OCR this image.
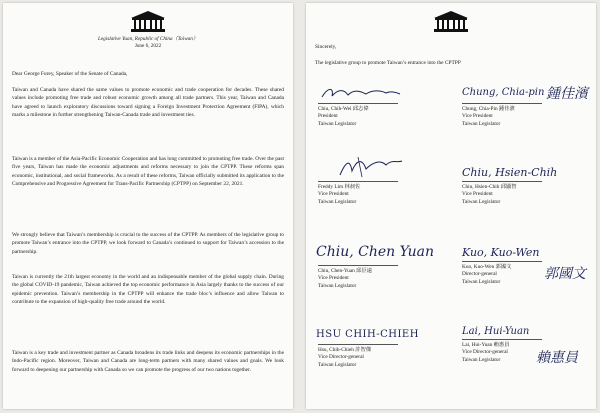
Legislative Yuan, Republic of China（Taiwan）
June 6, 2022

Dear George Furey, Speaker of the Senate of Canada,

Taiwan and Canada have shared the same values to promote economic and trade cooperation for decades. These shared values include promoting free trade and robust economic growth among all trade partners. This year, Taiwan and Canada have agreed to launch exploratory discussions toward signing a Foreign Investment Protection Agreement (FIPA), which marks a milestone in further strengthening Taiwan-Canada trade and investment ties.

Taiwan is a member of the Asia-Pacific Economic Cooperation and has long committed to promoting free trade. Over the past five years, Taiwan has made the economic adjustments and reforms necessary to join the CPTPP. These reforms span economic, institutional, and social frameworks. As a result of these reforms, Taiwan officially submitted its application to the Comprehensive and Progressive Agreement for Trans-Pacific Partnership (CPTPP) on September 22, 2021.

We strongly believe that Taiwan’s membership is crucial to the success of the CPTPP. As members of the legislative group to promote Taiwan’s entrance into the CPTPP, we look forward to Canada’s continued to support for Taiwan’s accession to the partnership.

Taiwan is currently the 21th largest economy in the world and an indispensable member of the global supply chain. During the global COVID-19 pandemic, Taiwan achieved the top economic performance in Asia largely thanks to the success of our epidemic prevention. Taiwan’s membership in the CPTPP will enhance the trade bloc’s influence and allow Taiwan to contribute to the expansion of high-quality free trade around the world.

Taiwan is a key trade and investment partner as Canada broadens its trade links and deepens its economic partnerships in the Indo-Pacific region. Moreover, Taiwan and Canada are long-term partners with many shared values and goals. We look forward to deepening our partnership with Canada so we can promote the progress of our two nations together.

Sincerely,
The legislative group to promote Taiwan’s entrance into the CPTPP
Chiu, Chih-Wei 邱志偉
President
Taiwan Legislator
Chung, Chia-pin 鍾佳濱
Chung, Chia-Pin 鍾佳濱
Vice President
Taiwan Legislator
Freddy Lim 林昶佐
Vice President
Taiwan Legislator
Chiu, Hsien-Chih
Chiu, Hsien-Chih 邱顯智
Vice President
Taiwan Legislator
Chiu, Chen Yuan
Chiu, Chen-Yuan 邱臣遠
Vice President
Taiwan Legislator
Kuo, Kuo-Wen
郭國文
Kuo, Kuo-Wen 郭國文
Director-general
Taiwan Legislator
HSU CHIH-CHIEH
Hsu, Chih-Chieh 許智傑
Vice Director-general
Taiwan Legislator
Lai, Hui-Yuan
賴惠員
Lai, Hui-Yuan 賴惠員
Vice Director-general
Taiwan Legislator
